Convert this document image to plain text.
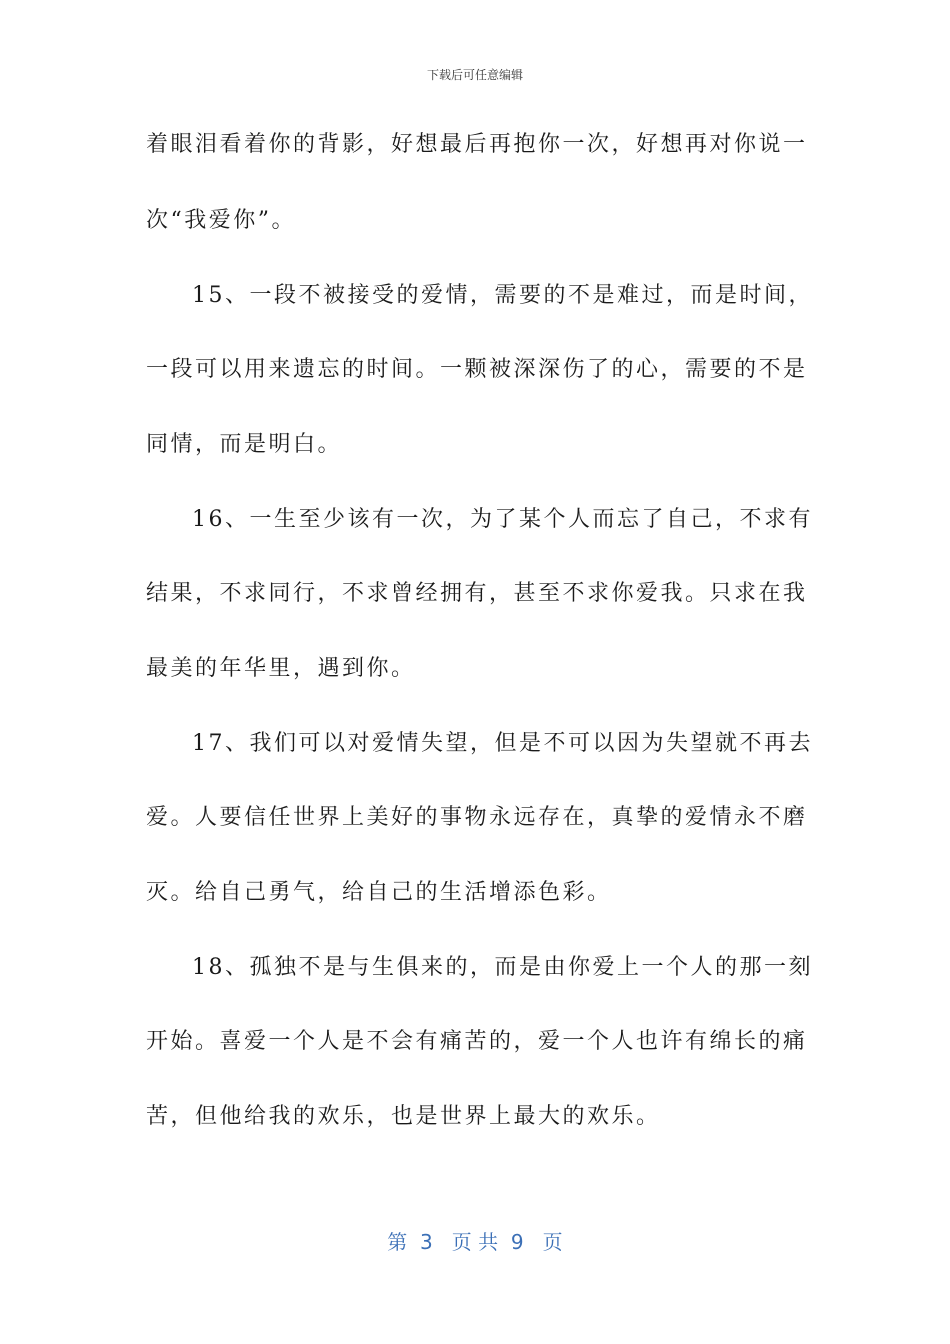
下载后可任意编辑
着眼泪看着你的背影，好想最后再抱你一次，好想再对你说一
次“我爱你”。
15、一段不被接受的爱情，需要的不是难过，而是时间，
一段可以用来遗忘的时间。一颗被深深伤了的心，需要的不是
同情，而是明白。
16、一生至少该有一次，为了某个人而忘了自己，不求有
结果，不求同行，不求曾经拥有，甚至不求你爱我。只求在我
最美的年华里，遇到你。
17、我们可以对爱情失望，但是不可以因为失望就不再去
爱。人要信任世界上美好的事物永远存在，真挚的爱情永不磨
灭。给自己勇气，给自己的生活增添色彩。
18、孤独不是与生俱来的，而是由你爱上一个人的那一刻
开始。喜爱一个人是不会有痛苦的，爱一个人也许有绵长的痛
苦，但他给我的欢乐，也是世界上最大的欢乐。
第  3   页 共  9   页
